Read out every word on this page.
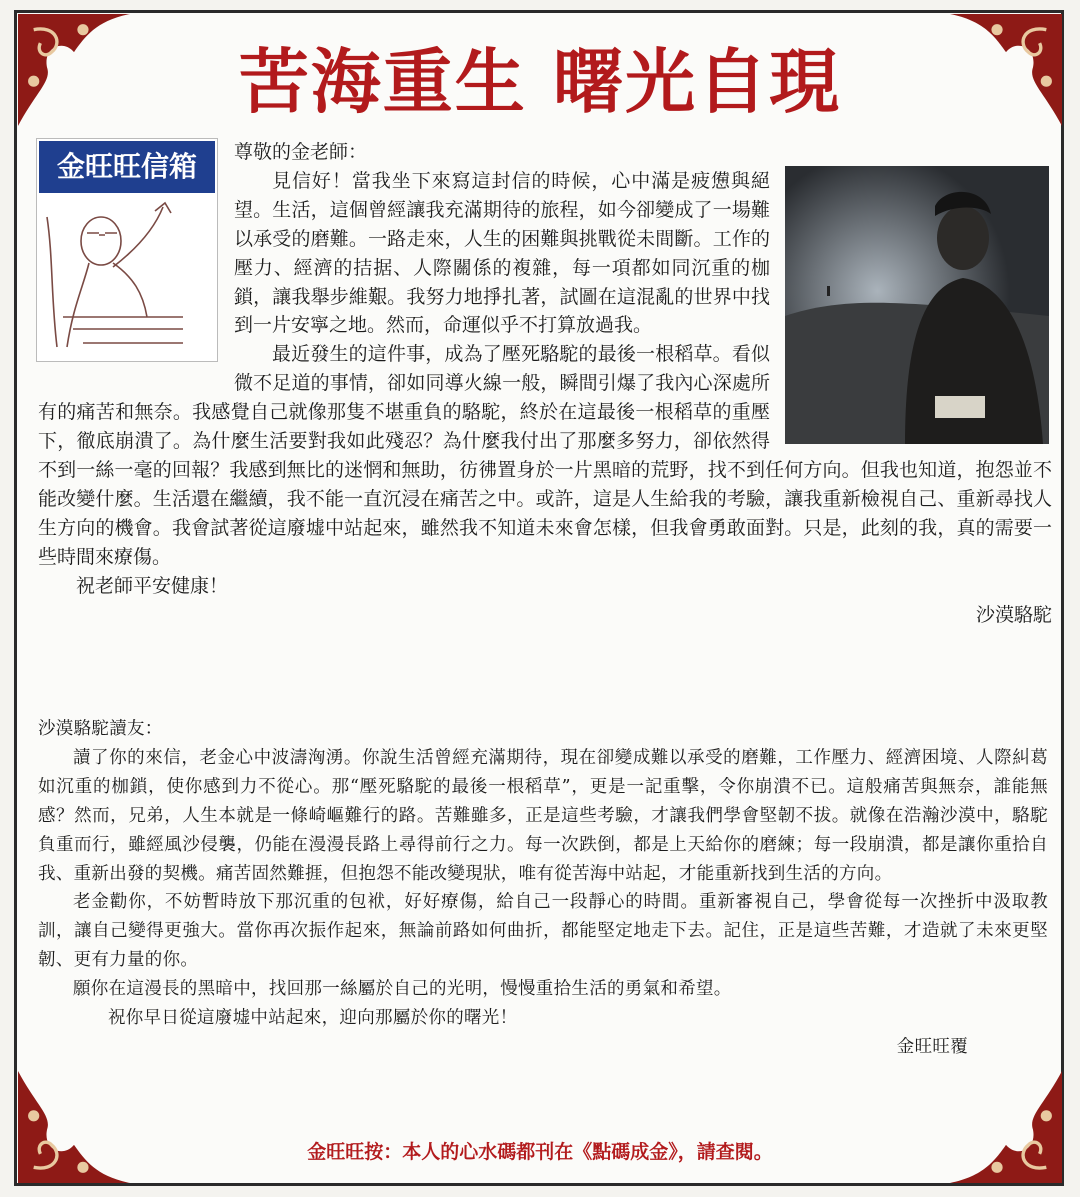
苦海重生 曙光自現
金旺旺信箱	尊敬的金老師：

見信好！當我坐下來寫這封信的時候，心中滿是疲憊與絕望。生活，這個曾經讓我充滿期待的旅程，如今卻變成了一場難以承受的磨難。一路走來，人生的困難與挑戰從未間斷。工作的壓力、經濟的拮据、人際關係的複雜，每一項都如同沉重的枷鎖，讓我舉步維艱。我努力地掙扎著，試圖在這混亂的世界中找到一片安寧之地。然而，命運似乎不打算放過我。

最近發生的這件事，成為了壓死駱駝的最後一根稻草。看似微不足道的事情，卻如同導火線一般，瞬間引爆了我內心深處所有的痛苦和無奈。我感覺自己就像那隻不堪重負的駱駝，終於在這最後一根稻草的重壓下，徹底崩潰了。為什麼生活要對我如此殘忍？為什麼我付出了那麼多努力，卻依然得不到一絲一毫的回報？我感到無比的迷惘和無助，彷彿置身於一片黑暗的荒野，找不到任何方向。但我也知道，抱怨並不能改變什麼。生活還在繼續，我不能一直沉浸在痛苦之中。或許，這是人生給我的考驗，讓我重新檢視自己、重新尋找人生方向的機會。我會試著從這廢墟中站起來，雖然我不知道未來會怎樣，但我會勇敢面對。只是，此刻的我，真的需要一些時間來療傷。

祝老師平安健康！

沙漠駱駝

沙漠駱駝讀友：

讀了你的來信，老金心中波濤洶湧。你說生活曾經充滿期待，現在卻變成難以承受的磨難，工作壓力、經濟困境、人際糾葛如沉重的枷鎖，使你感到力不從心。那“壓死駱駝的最後一根稻草”，更是一記重擊，令你崩潰不已。這般痛苦與無奈，誰能無感？然而，兄弟，人生本就是一條崎嶇難行的路。苦難雖多，正是這些考驗，才讓我們學會堅韌不拔。就像在浩瀚沙漠中，駱駝負重而行，雖經風沙侵襲，仍能在漫漫長路上尋得前行之力。每一次跌倒，都是上天給你的磨練；每一段崩潰，都是讓你重拾自我、重新出發的契機。痛苦固然難捱，但抱怨不能改變現狀，唯有從苦海中站起，才能重新找到生活的方向。

老金勸你，不妨暫時放下那沉重的包袱，好好療傷，給自己一段靜心的時間。重新審視自己，學會從每一次挫折中汲取教訓，讓自己變得更強大。當你再次振作起來，無論前路如何曲折，都能堅定地走下去。記住，正是這些苦難，才造就了未來更堅韌、更有力量的你。

願你在這漫長的黑暗中，找回那一絲屬於自己的光明，慢慢重拾生活的勇氣和希望。

祝你早日從這廢墟中站起來，迎向那屬於你的曙光！

金旺旺覆

金旺旺按：本人的心水碼都刊在《點碼成金》，請查閱。
